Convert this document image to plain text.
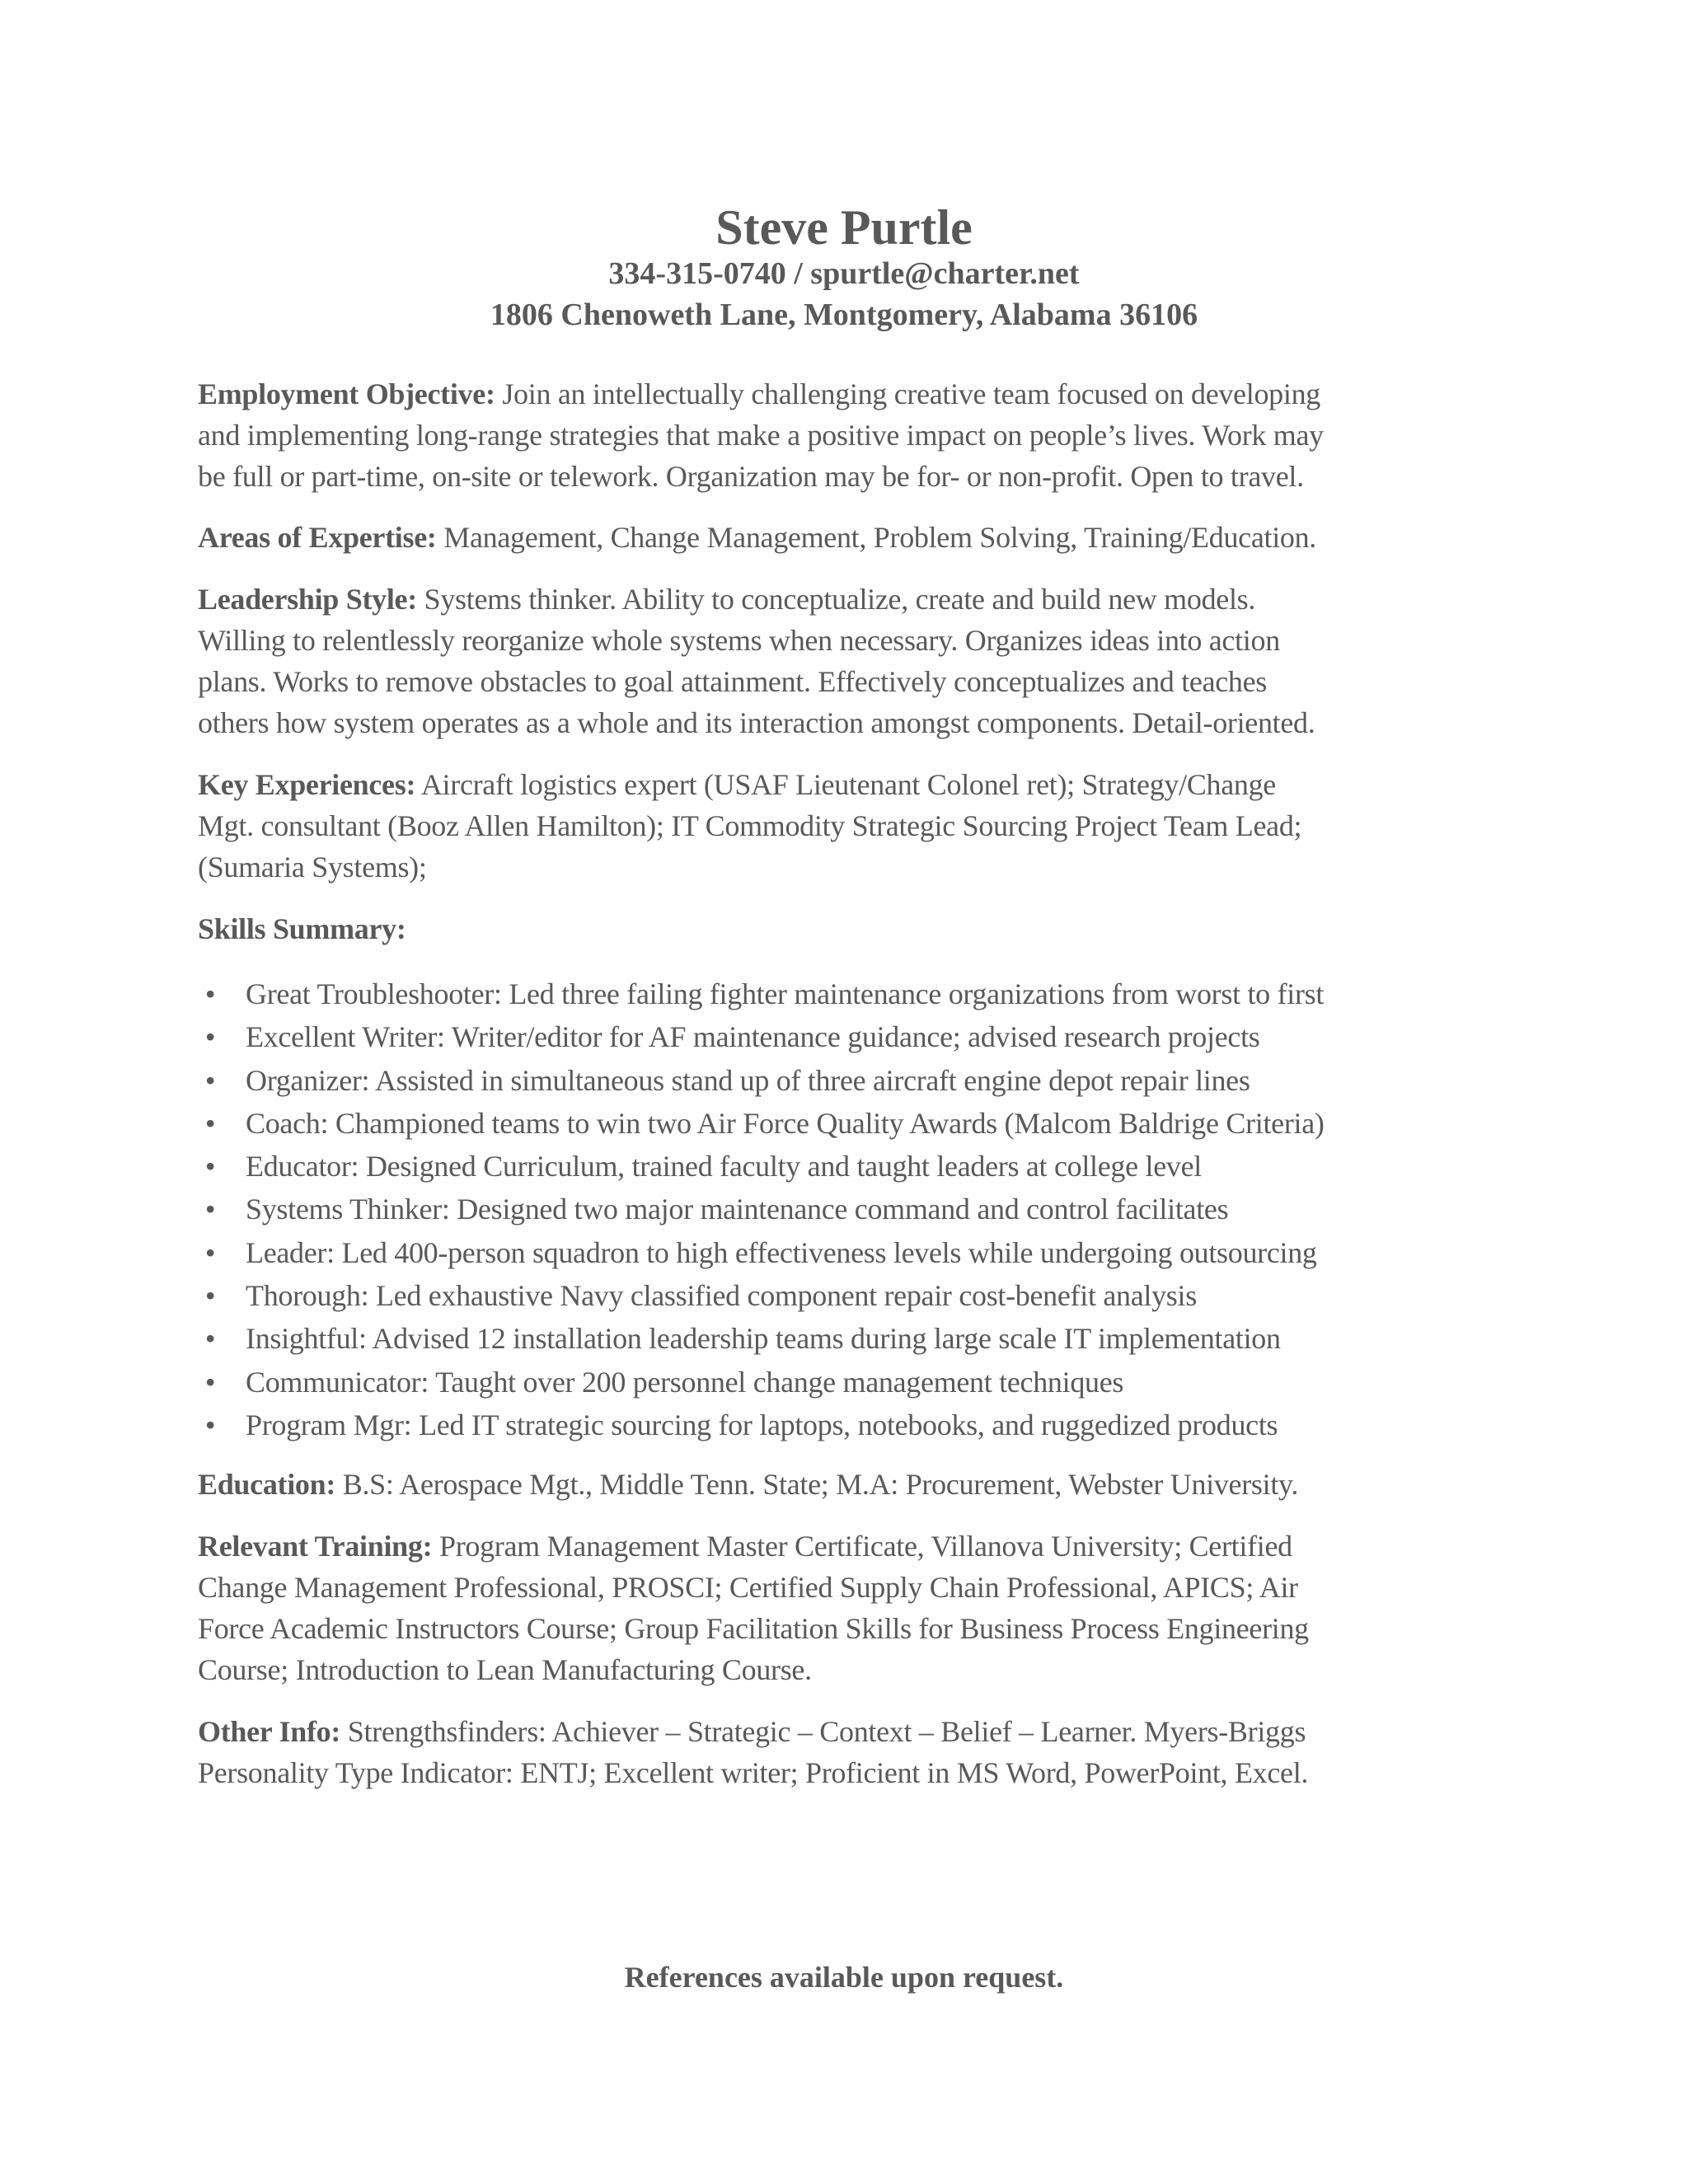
Steve Purtle
334-315-0740 / spurtle@charter.net
1806 Chenoweth Lane, Montgomery, Alabama 36106
Employment Objective: Join an intellectually challenging creative team focused on developing
and implementing long-range strategies that make a positive impact on people’s lives. Work may
be full or part-time, on-site or telework. Organization may be for- or non-profit. Open to travel.
Areas of Expertise: Management, Change Management, Problem Solving, Training/Education.
Leadership Style: Systems thinker. Ability to conceptualize, create and build new models.
Willing to relentlessly reorganize whole systems when necessary. Organizes ideas into action
plans. Works to remove obstacles to goal attainment. Effectively conceptualizes and teaches
others how system operates as a whole and its interaction amongst components. Detail-oriented.
Key Experiences: Aircraft logistics expert (USAF Lieutenant Colonel ret); Strategy/Change
Mgt. consultant (Booz Allen Hamilton); IT Commodity Strategic Sourcing Project Team Lead;
(Sumaria Systems);
Skills Summary:
• Great Troubleshooter: Led three failing fighter maintenance organizations from worst to first
• Excellent Writer: Writer/editor for AF maintenance guidance; advised research projects
• Organizer: Assisted in simultaneous stand up of three aircraft engine depot repair lines
• Coach: Championed teams to win two Air Force Quality Awards (Malcom Baldrige Criteria)
• Educator: Designed Curriculum, trained faculty and taught leaders at college level
• Systems Thinker: Designed two major maintenance command and control facilitates
• Leader: Led 400-person squadron to high effectiveness levels while undergoing outsourcing
• Thorough: Led exhaustive Navy classified component repair cost-benefit analysis
• Insightful: Advised 12 installation leadership teams during large scale IT implementation
• Communicator: Taught over 200 personnel change management techniques
• Program Mgr: Led IT strategic sourcing for laptops, notebooks, and ruggedized products
Education: B.S: Aerospace Mgt., Middle Tenn. State; M.A: Procurement, Webster University.
Relevant Training: Program Management Master Certificate, Villanova University; Certified
Change Management Professional, PROSCI; Certified Supply Chain Professional, APICS; Air
Force Academic Instructors Course; Group Facilitation Skills for Business Process Engineering
Course; Introduction to Lean Manufacturing Course.
Other Info: Strengthsfinders: Achiever – Strategic – Context – Belief – Learner. Myers-Briggs
Personality Type Indicator: ENTJ; Excellent writer; Proficient in MS Word, PowerPoint, Excel.
References available upon request.
